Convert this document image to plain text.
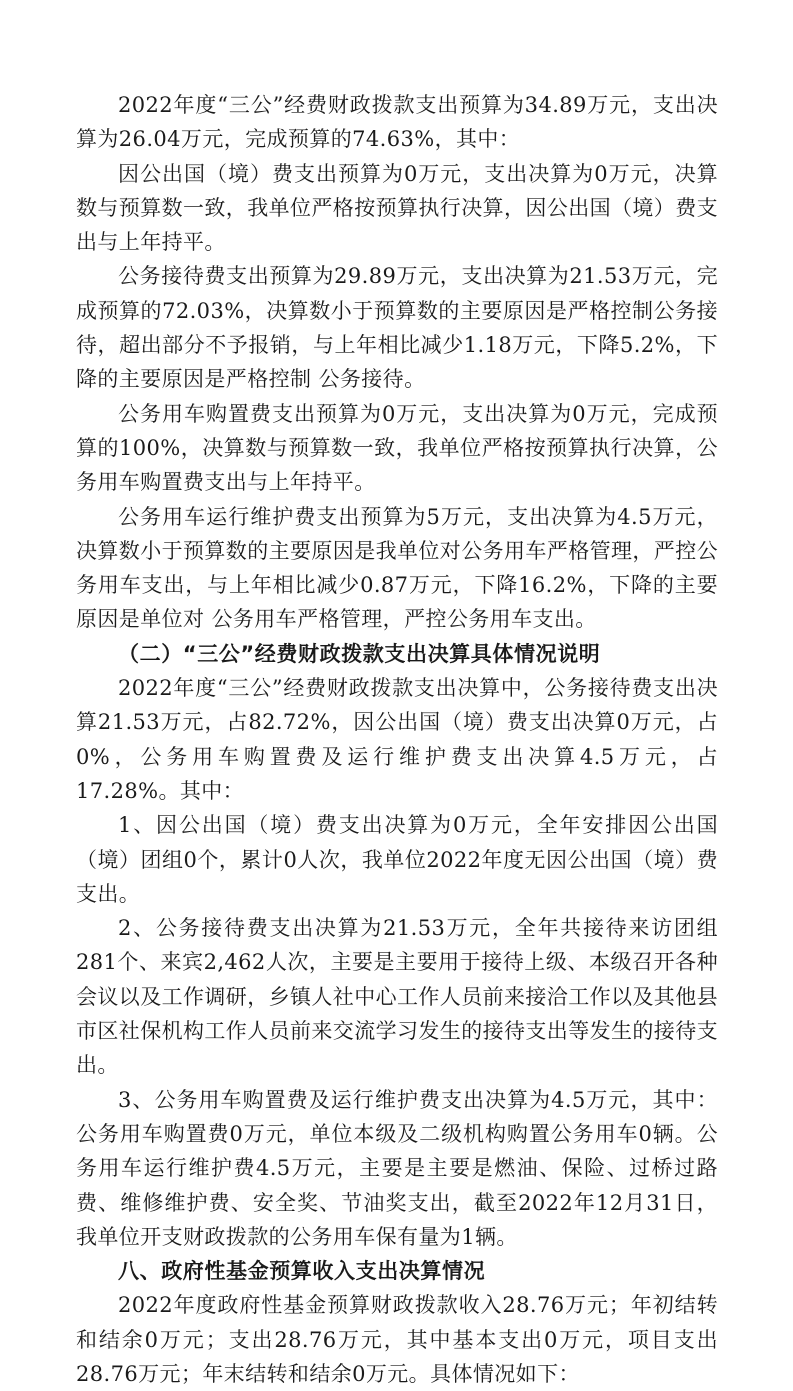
2022年度“三公”经费财政拨款支出预算为34.89万元，支出决算为26.04万元，完成预算的74.63%，其中：

因公出国（境）费支出预算为0万元，支出决算为0万元，决算数与预算数一致，我单位严格按预算执行决算，因公出国（境）费支出与上年持平。

公务接待费支出预算为29.89万元，支出决算为21.53万元，完成预算的72.03%，决算数小于预算数的主要原因是严格控制公务接待，超出部分不予报销，与上年相比减少1.18万元，下降5.2%，下降的主要原因是严格控制 公务接待。

公务用车购置费支出预算为0万元，支出决算为0万元，完成预算的100%，决算数与预算数一致，我单位严格按预算执行决算，公务用车购置费支出与上年持平。

公务用车运行维护费支出预算为5万元，支出决算为4.5万元，决算数小于预算数的主要原因是我单位对公务用车严格管理，严控公务用车支出，与上年相比减少0.87万元，下降16.2%，下降的主要原因是单位对 公务用车严格管理，严控公务用车支出。

（二）“三公”经费财政拨款支出决算具体情况说明

2022年度“三公”经费财政拨款支出决算中，公务接待费支出决算21.53万元，占82.72%，因公出国（境）费支出决算0万元，占0%，公务用车购置费及运行维护费支出决算4.5万元，占17.28%。其中：

1、因公出国（境）费支出决算为0万元，全年安排因公出国（境）团组0个，累计0人次，我单位2022年度无因公出国（境）费支出。

2、公务接待费支出决算为21.53万元，全年共接待来访团组281个、来宾2,462人次，主要是主要用于接待上级、本级召开各种会议以及工作调研，乡镇人社中心工作人员前来接洽工作以及其他县市区社保机构工作人员前来交流学习发生的接待支出等发生的接待支出。

3、公务用车购置费及运行维护费支出决算为4.5万元，其中：公务用车购置费0万元，单位本级及二级机构购置公务用车0辆。公务用车运行维护费4.5万元，主要是主要是燃油、保险、过桥过路费、维修维护费、安全奖、节油奖支出，截至2022年12月31日，我单位开支财政拨款的公务用车保有量为1辆。

八、政府性基金预算收入支出决算情况

2022年度政府性基金预算财政拨款收入28.76万元；年初结转和结余0万元；支出28.76万元，其中基本支出0万元，项目支出28.76万元；年末结转和结余0万元。具体情况如下：
